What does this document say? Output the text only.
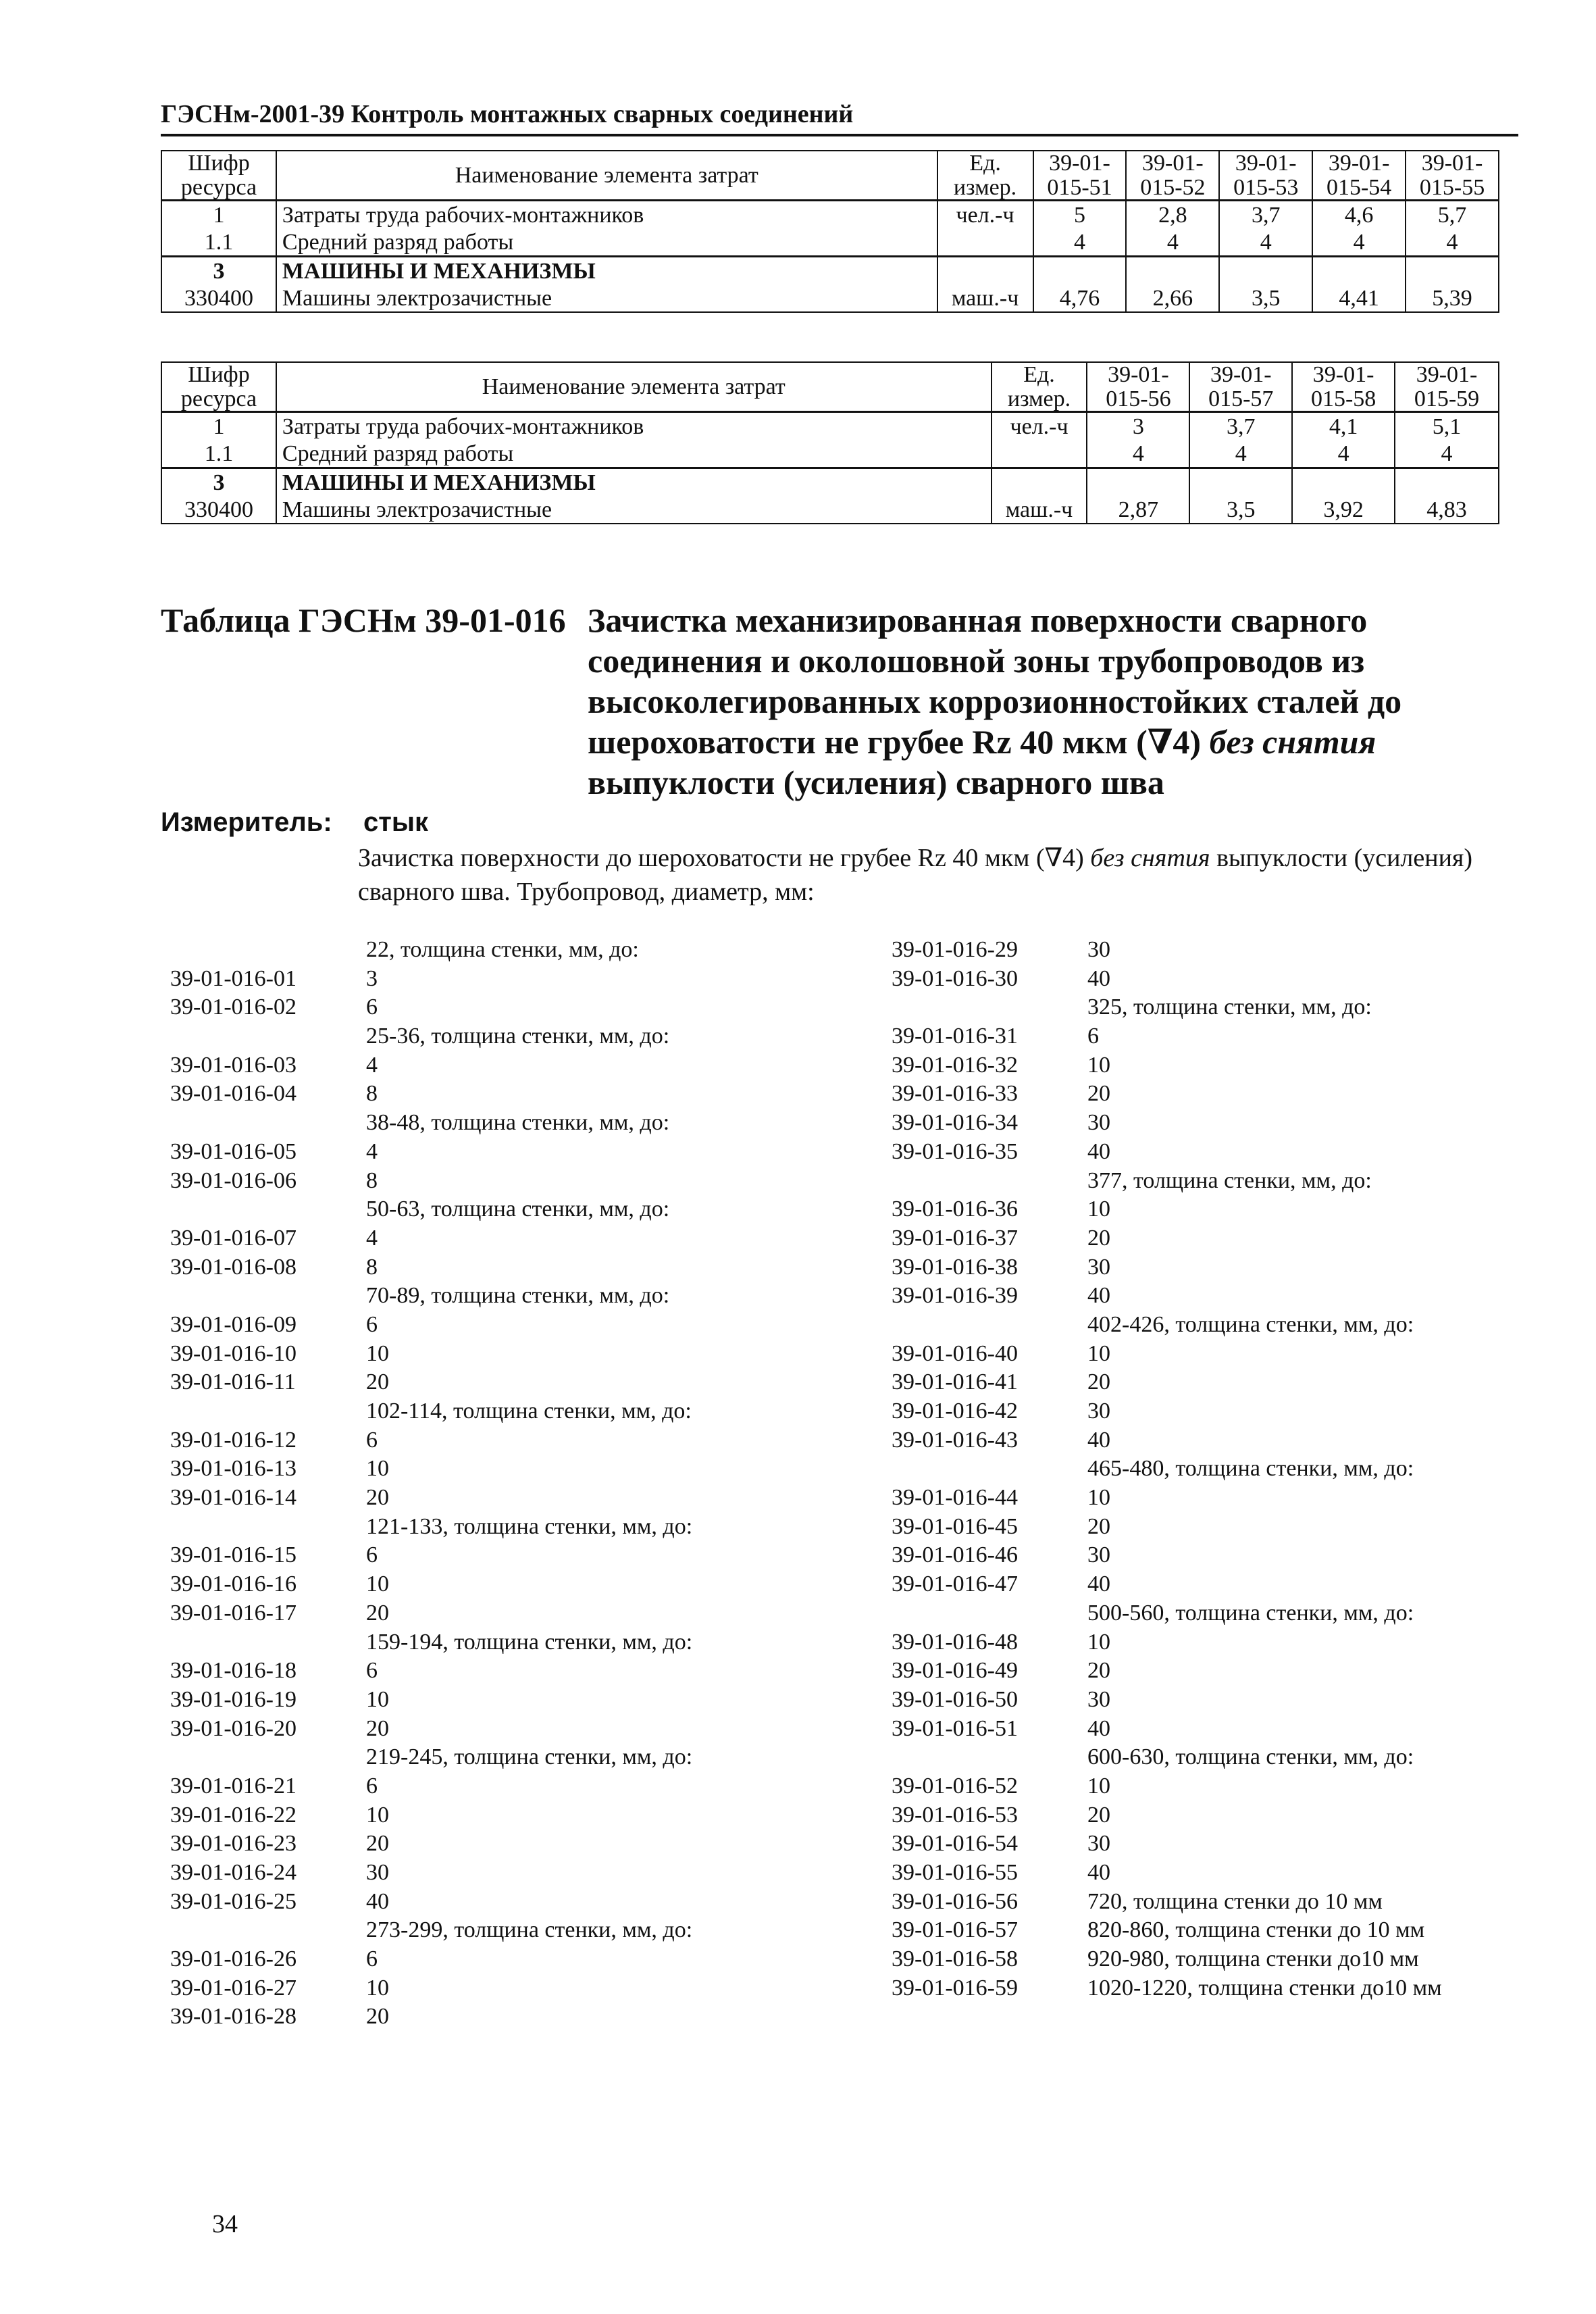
ГЭСНм-2001-39 Контроль монтажных сварных соединений
Шифр ресурса	Наименование элемента затрат	Ед. измер.	39-01-015-51	39-01-015-52	39-01-015-53	39-01-015-54	39-01-015-55
1	Затраты труда рабочих-монтажников	чел.-ч	5	2,8	3,7	4,6	5,7
1.1	Средний разряд работы		4	4	4	4	4
3	МАШИНЫ И МЕХАНИЗМЫ						
330400	Машины электрозачистные	маш.-ч	4,76	2,66	3,5	4,41	5,39
Шифр ресурса	Наименование элемента затрат	Ед. измер.	39-01-015-56	39-01-015-57	39-01-015-58	39-01-015-59
1	Затраты труда рабочих-монтажников	чел.-ч	3	3,7	4,1	5,1
1.1	Средний разряд работы		4	4	4	4
3	МАШИНЫ И МЕХАНИЗМЫ					
330400	Машины электрозачистные	маш.-ч	2,87	3,5	3,92	4,83
Таблица ГЭСНм 39-01-016 Зачистка механизированная поверхности сварного соединения и околошовной зоны трубопроводов из высоколегированных коррозионностойких сталей до шероховатости не грубее Rz 40 мкм (∇4) без снятия выпуклости (усиления) сварного шва
Измеритель: стык
Зачистка поверхности до шероховатости не грубее Rz 40 мкм (∇4) без снятия выпуклости (усиления) сварного шва. Трубопровод, диаметр, мм:
22, толщина стенки, мм, до:
39-01-016-01	3
39-01-016-02	6
25-36, толщина стенки, мм, до:
39-01-016-03	4
39-01-016-04	8
38-48, толщина стенки, мм, до:
39-01-016-05	4
39-01-016-06	8
50-63, толщина стенки, мм, до:
39-01-016-07	4
39-01-016-08	8
70-89, толщина стенки, мм, до:
39-01-016-09	6
39-01-016-10	10
39-01-016-11	20
102-114, толщина стенки, мм, до:
39-01-016-12	6
39-01-016-13	10
39-01-016-14	20
121-133, толщина стенки, мм, до:
39-01-016-15	6
39-01-016-16	10
39-01-016-17	20
159-194, толщина стенки, мм, до:
39-01-016-18	6
39-01-016-19	10
39-01-016-20	20
219-245, толщина стенки, мм, до:
39-01-016-21	6
39-01-016-22	10
39-01-016-23	20
39-01-016-24	30
39-01-016-25	40
273-299, толщина стенки, мм, до:
39-01-016-26	6
39-01-016-27	10
39-01-016-28	20
39-01-016-29	30
39-01-016-30	40
325, толщина стенки, мм, до:
39-01-016-31	6
39-01-016-32	10
39-01-016-33	20
39-01-016-34	30
39-01-016-35	40
377, толщина стенки, мм, до:
39-01-016-36	10
39-01-016-37	20
39-01-016-38	30
39-01-016-39	40
402-426, толщина стенки, мм, до:
39-01-016-40	10
39-01-016-41	20
39-01-016-42	30
39-01-016-43	40
465-480, толщина стенки, мм, до:
39-01-016-44	10
39-01-016-45	20
39-01-016-46	30
39-01-016-47	40
500-560, толщина стенки, мм, до:
39-01-016-48	10
39-01-016-49	20
39-01-016-50	30
39-01-016-51	40
600-630, толщина стенки, мм, до:
39-01-016-52	10
39-01-016-53	20
39-01-016-54	30
39-01-016-55	40
39-01-016-56	720, толщина стенки до 10 мм
39-01-016-57	820-860, толщина стенки до 10 мм
39-01-016-58	920-980, толщина стенки до10 мм
39-01-016-59	1020-1220, толщина стенки до10 мм
34
